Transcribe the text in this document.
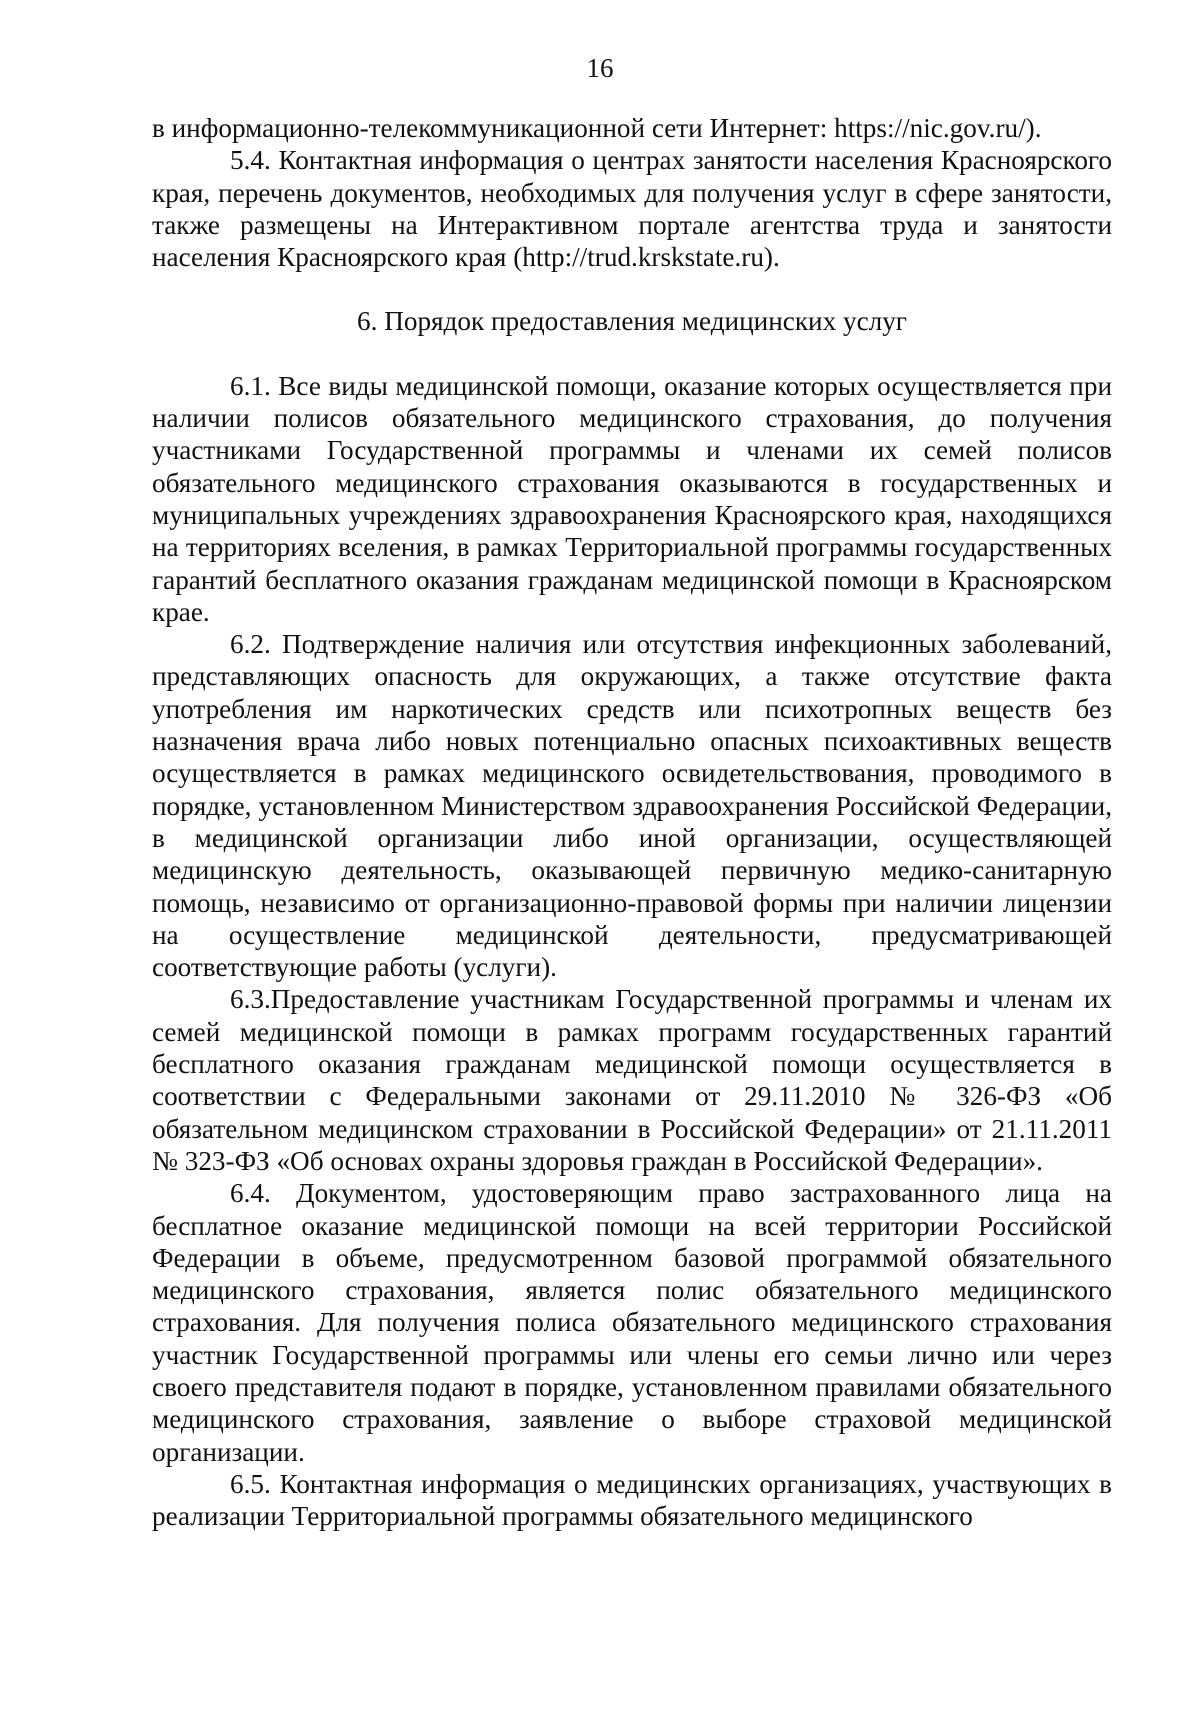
16

в информационно-телекоммуникационной сети Интернет: https://nic.gov.ru/).

5.4. Контактная информация о центрах занятости населения Красноярского края, перечень документов, необходимых для получения услуг в сфере занятости, также размещены на Интерактивном портале агентства труда и занятости населения Красноярского края (http://trud.krskstate.ru).

6. Порядок предоставления медицинских услуг

6.1. Все виды медицинской помощи, оказание которых осуществляется при наличии полисов обязательного медицинского страхования, до получения участниками Государственной программы и членами их семей полисов обязательного медицинского страхования оказываются в государственных и муниципальных учреждениях здравоохранения Красноярского края, находящихся на территориях вселения, в рамках Территориальной программы государственных гарантий бесплатного оказания гражданам медицинской помощи в Красноярском крае.

6.2. Подтверждение наличия или отсутствия инфекционных заболеваний, представляющих опасность для окружающих, а также отсутствие факта употребления им наркотических средств или психотропных веществ без назначения врача либо новых потенциально опасных психоактивных веществ осуществляется в рамках медицинского освидетельствования, проводимого в порядке, установленном Министерством здравоохранения Российской Федерации, в медицинской организации либо иной организации, осуществляющей медицинскую деятельность, оказывающей первичную медико-санитарную помощь, независимо от организационно-правовой формы при наличии лицензии на осуществление медицинской деятельности, предусматривающей соответствующие работы (услуги).

6.3.Предоставление участникам Государственной программы и членам их семей медицинской помощи в рамках программ государственных гарантий бесплатного оказания гражданам медицинской помощи осуществляется в соответствии с Федеральными законами от 29.11.2010 № 326-ФЗ «Об обязательном медицинском страховании в Российской Федерации» от 21.11.2011 № 323-ФЗ «Об основах охраны здоровья граждан в Российской Федерации».

6.4. Документом, удостоверяющим право застрахованного лица на бесплатное оказание медицинской помощи на всей территории Российской Федерации в объеме, предусмотренном базовой программой обязательного медицинского страхования, является полис обязательного медицинского страхования. Для получения полиса обязательного медицинского страхования участник Государственной программы или члены его семьи лично или через своего представителя подают в порядке, установленном правилами обязательного медицинского страхования, заявление о выборе страховой медицинской организации.

6.5. Контактная информация о медицинских организациях, участвующих в реализации Территориальной программы обязательного медицинского
